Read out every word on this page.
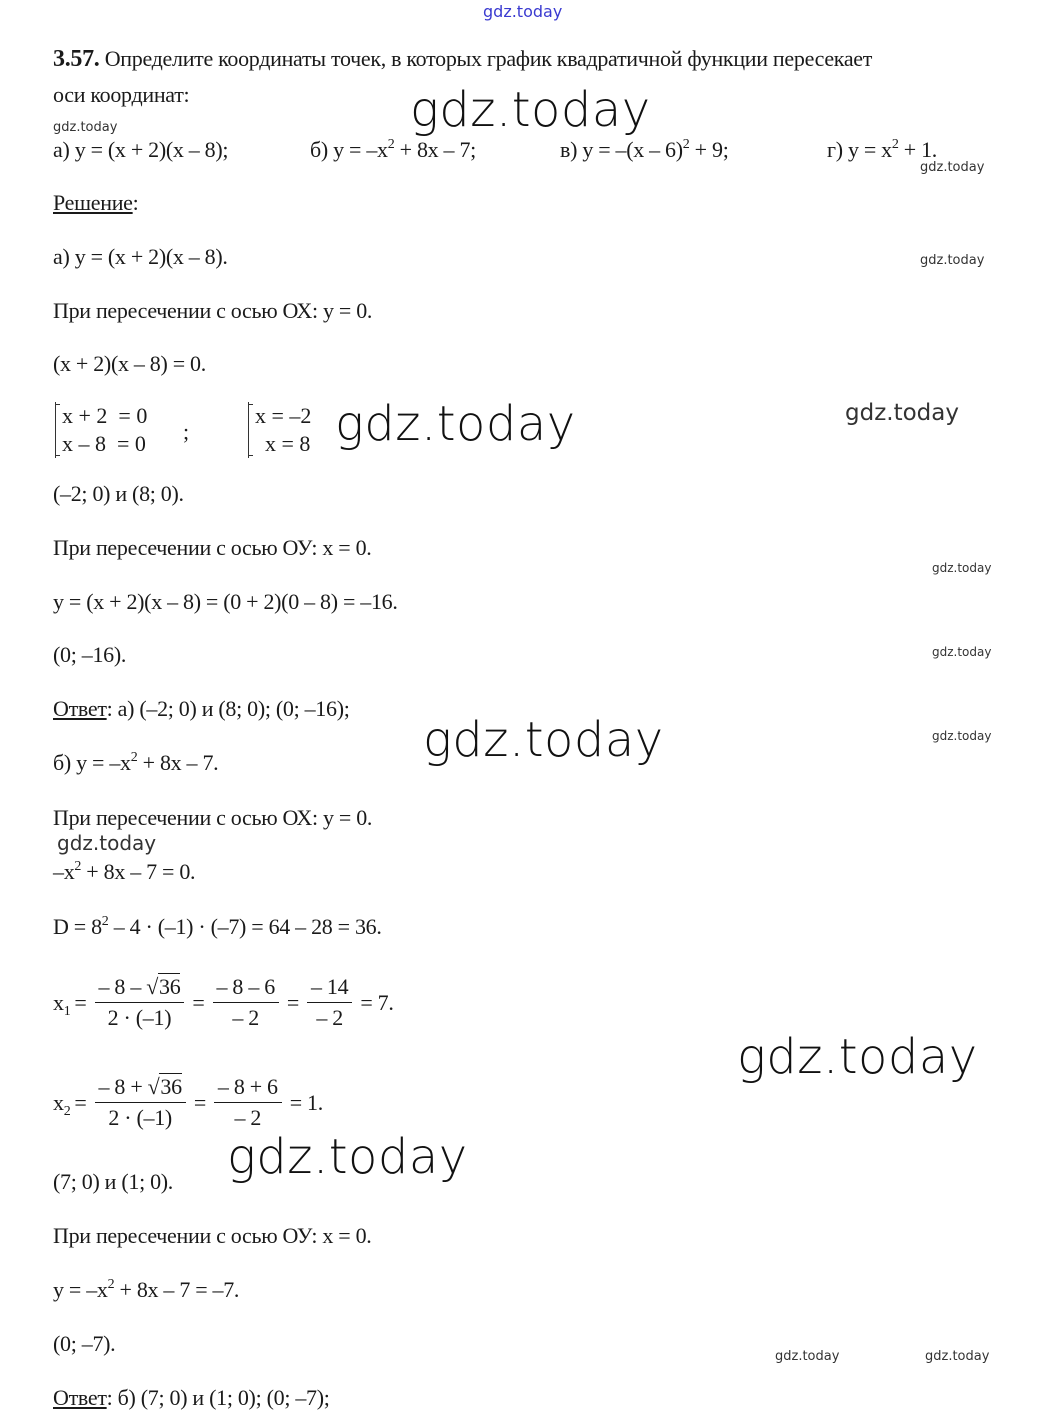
gdz.today
gdz.today
gdz.today
gdz.today
gdz.today
gdz.today	gdz.today
gdz.today
gdz.today
gdz.today
gdz.today
gdz.today
gdz.today
gdz.today
gdz.today	gdz.today
3.57. Определите координаты точек, в которых график квадратичной функции пересекает
оси координат:
а) y = (x + 2)(x – 8);	б) $y = -x^2 + 8x - 7$;	в) y = –(x – 6)$^2$ + 9;	г) $y = x^2 + 1$.
Решение:
а) y = (x + 2)(x – 8).
При пересечении с осью ОХ: y = 0.
(x + 2)(x – 8) = 0.
x + 2  = 0
x – 8  = 0 ;
x = –2
x = 8
(–2; 0) и (8; 0).
При пересечении с осью ОУ: x = 0.
y = (x + 2)(x – 8) = (0 + 2)(0 – 8) = –16.
(0; –16).
Ответ: а) (–2; 0) и (8; 0); (0; –16);
б) $y = -x^2 + 8x - 7$.
При пересечении с осью ОХ: y = 0.
$-x^2 + 8x - 7 = 0$.
$D = 8^2 - 4 \cdot (-1) \cdot (-7) = 64 - 28 = 36$.
$x_1 = \frac{- 8 - √36}{2 \cdot (-1)} = \frac{- 8 - 6}{- 2} = \frac{- 14}{- 2} = 7$.
$x_2 = \frac{- 8 + √36}{2 \cdot (-1)} = \frac{- 8 + 6}{- 2} = 1$.
(7; 0) и (1; 0).
При пересечении с осью ОУ: x = 0.
$y = -x^2 + 8x - 7 = -7$.
(0; –7).
Ответ: б) (7; 0) и (1; 0); (0; –7);
